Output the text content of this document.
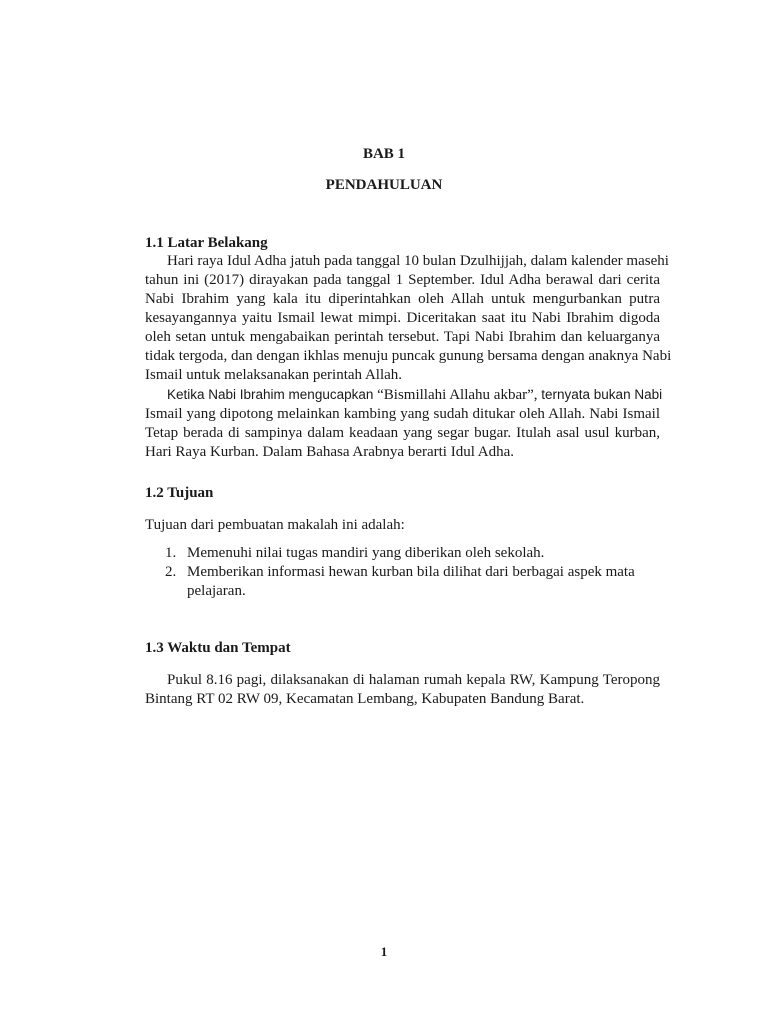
BAB 1
PENDAHULUAN
1.1 Latar Belakang
Hari raya Idul Adha jatuh pada tanggal 10 bulan Dzulhijjah, dalam kalender masehi
tahun ini (2017) dirayakan pada tanggal 1 September. Idul Adha berawal dari cerita
Nabi Ibrahim yang kala itu diperintahkan oleh Allah untuk mengurbankan putra
kesayangannya yaitu Ismail lewat mimpi. Diceritakan saat itu Nabi Ibrahim digoda
oleh setan untuk mengabaikan perintah tersebut. Tapi Nabi Ibrahim dan keluarganya
tidak tergoda, dan dengan ikhlas menuju puncak gunung bersama dengan anaknya Nabi
Ismail untuk melaksanakan perintah Allah.
Ketika Nabi Ibrahim mengucapkan “Bismillahi Allahu akbar”, ternyata bukan Nabi
Ismail yang dipotong melainkan kambing yang sudah ditukar oleh Allah. Nabi Ismail
Tetap berada di sampinya dalam keadaan yang segar bugar. Itulah asal usul kurban,
Hari Raya Kurban. Dalam Bahasa Arabnya berarti Idul Adha.
1.2 Tujuan
Tujuan dari pembuatan makalah ini adalah:
1. Memenuhi nilai tugas mandiri yang diberikan oleh sekolah.
2. Memberikan informasi hewan kurban bila dilihat dari berbagai aspek mata
pelajaran.
1.3 Waktu dan Tempat
Pukul 8.16 pagi, dilaksanakan di halaman rumah kepala RW, Kampung Teropong
Bintang RT 02 RW 09, Kecamatan Lembang, Kabupaten Bandung Barat.
1
